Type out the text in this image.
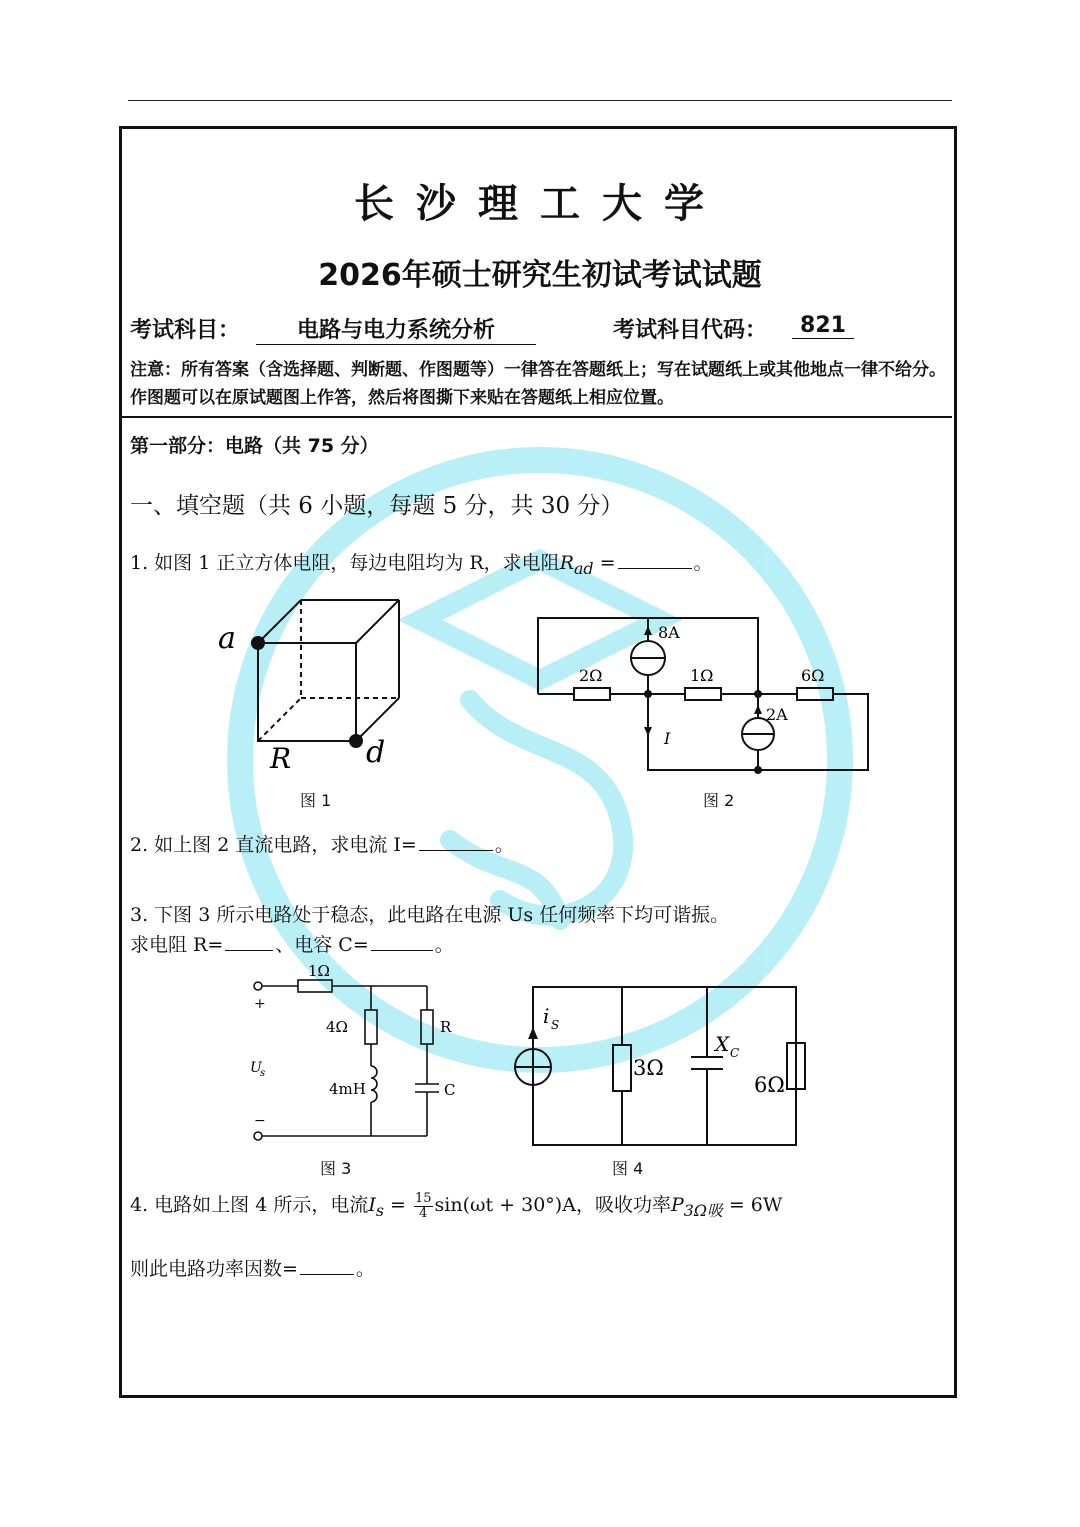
长沙理工大学
2026年硕士研究生初试考试试题
考试科目：	电路与电力系统分析	考试科目代码：	821
注意：所有答案（含选择题、判断题、作图题等）一律答在答题纸上；写在试题纸上或其他地点一律不给分。作图题可以在原试题图上作答，然后将图撕下来贴在答题纸上相应位置。
第一部分：电路（共 75 分）
一、填空题（共 6 小题，每题 5 分，共 30 分）
1. 如图 1 正立方体电阻，每边电阻均为 R，求电阻$R_{ad}$ =	。
a
d
R
图 1
8A
2A
2Ω	1Ω	6Ω
I
图 2
2. 如上图 2 直流电路，求电流 I=	。
3. 下图 3 所示电路处于稳态，此电路在电源 Us 任何频率下均可谐振。
求电阻 R=	、电容 C=	。
1Ω
4Ω
4mH
R
C
+
−
U
s
图 3
i S
3Ω
X C
6Ω
图 4
4. 电路如上图 4 所示，电流$I_s = \frac{15}{4} \sin(\omega t + 30^\circ)A$，吸收功率$P_{3\Omega 吸} = 6W$
则此电路功率因数=	。
